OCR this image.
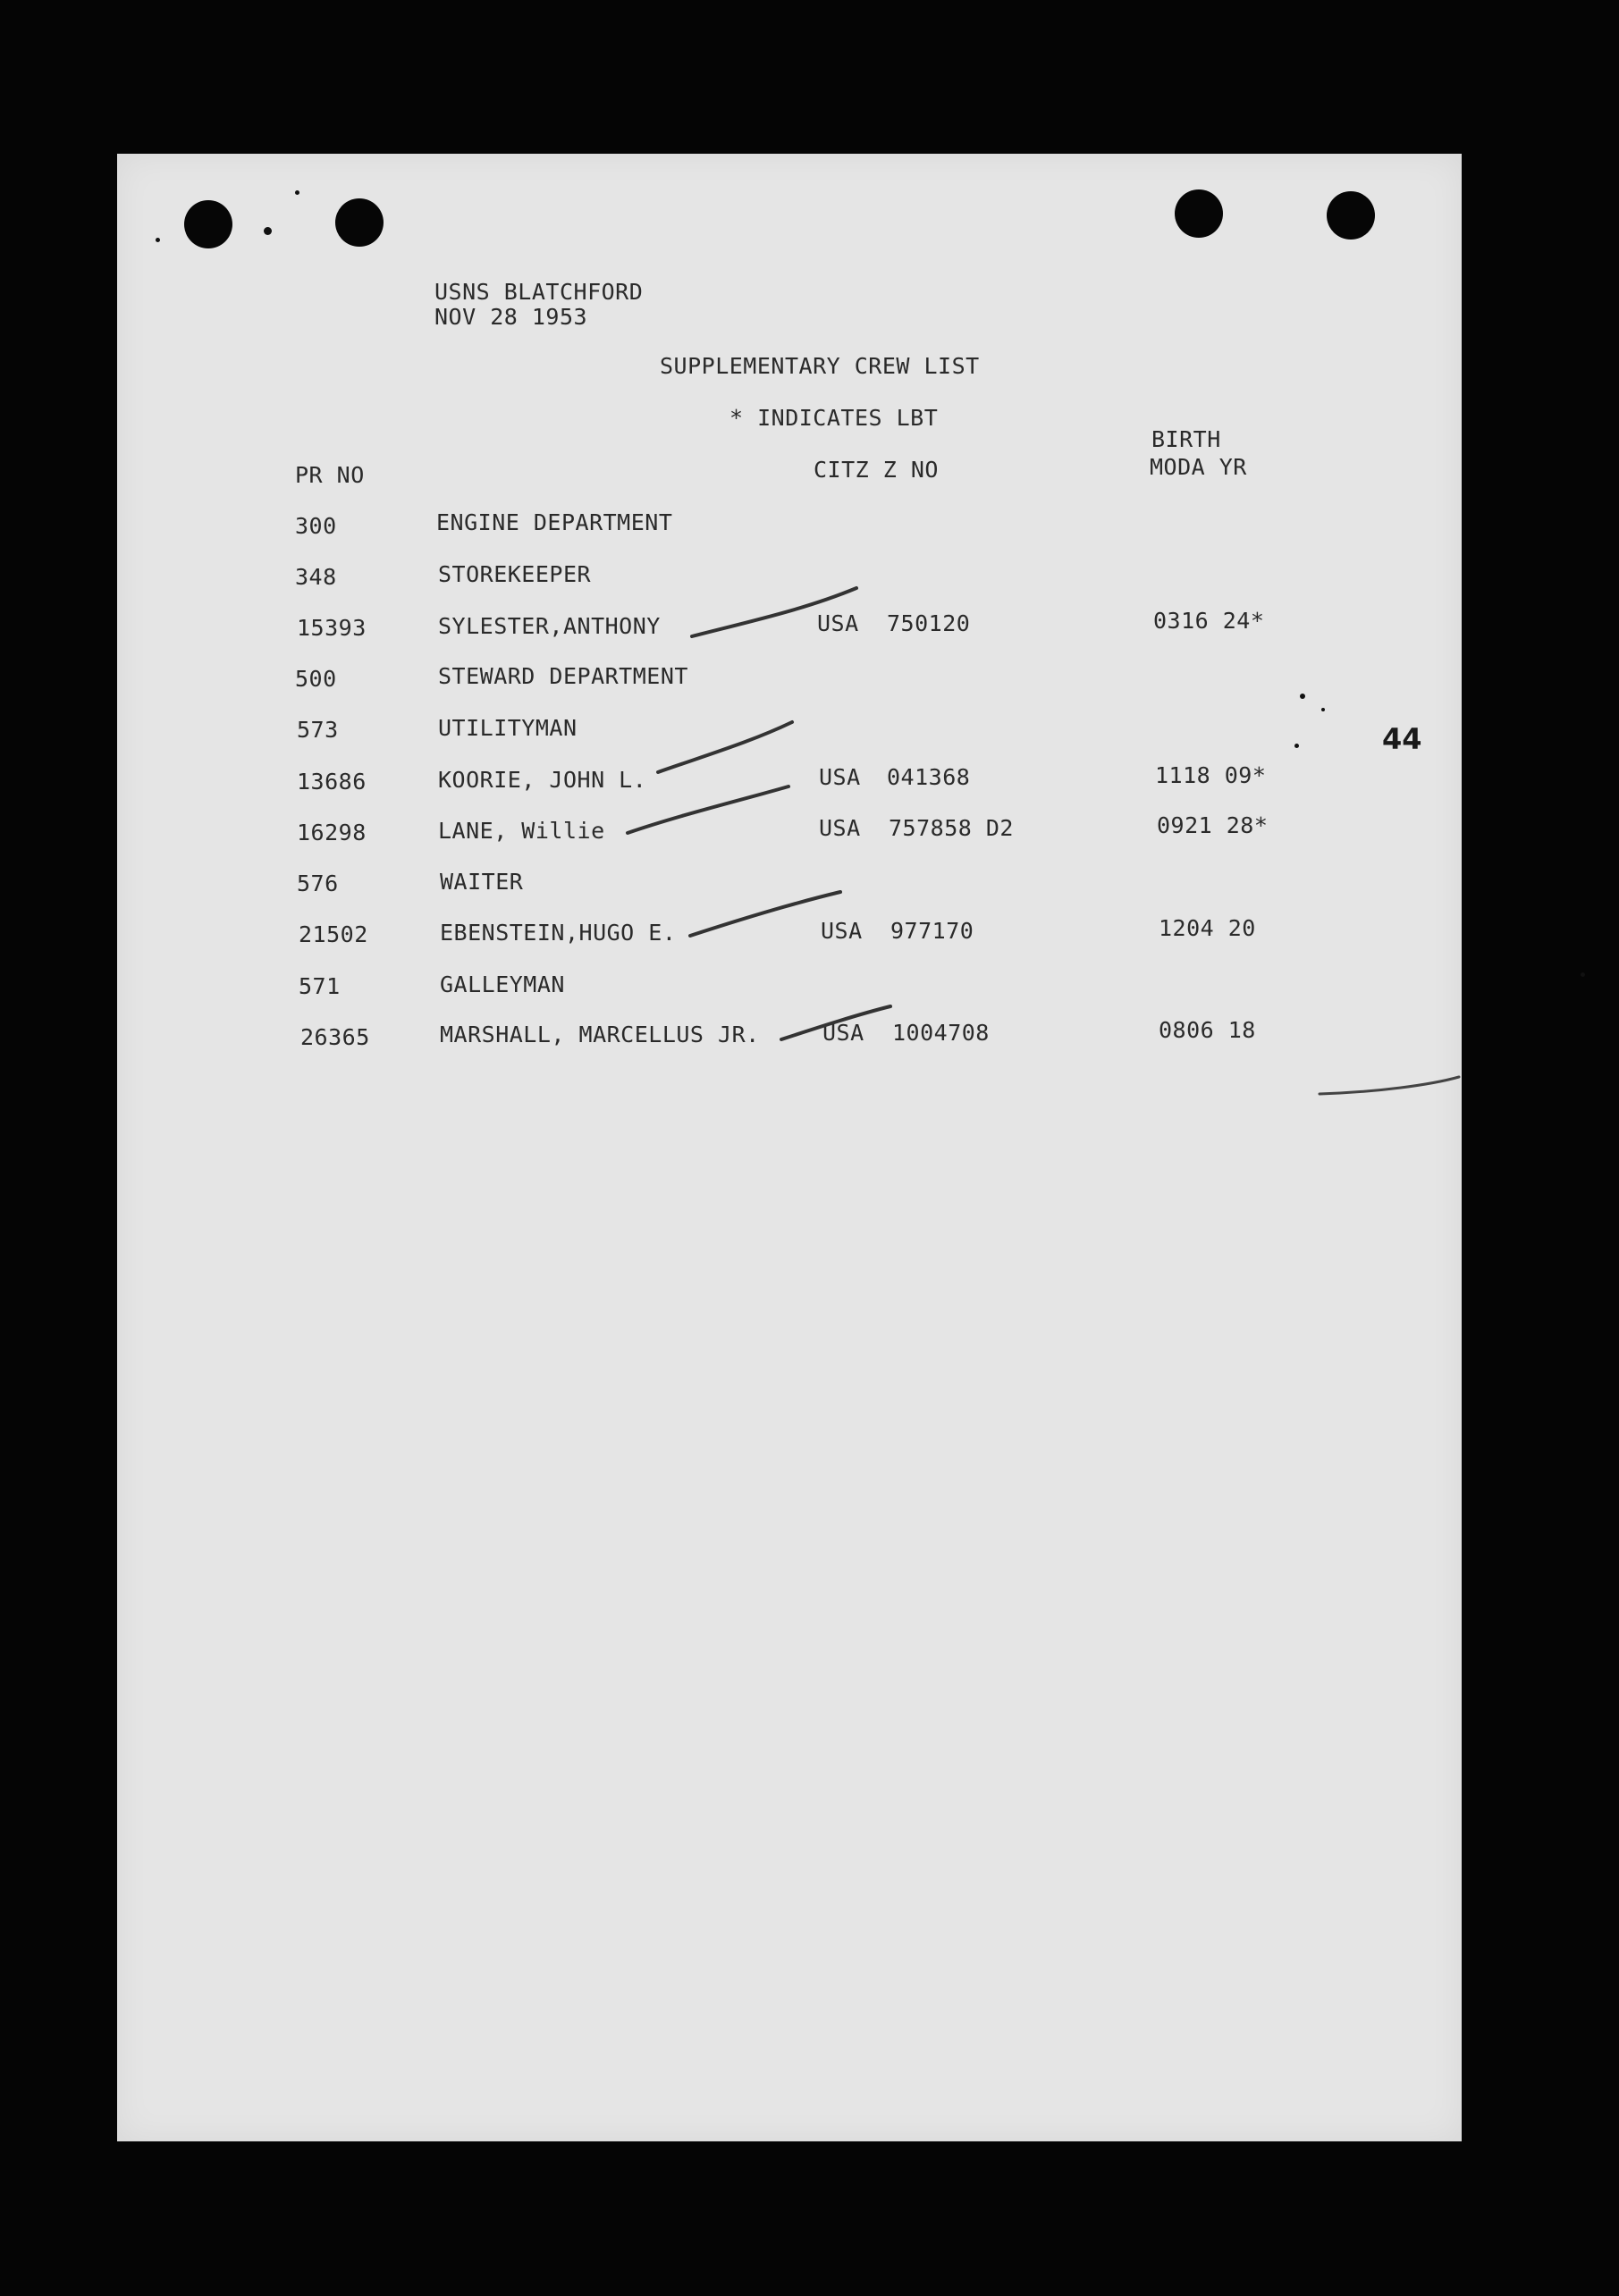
USNS BLATCHFORD
NOV 28 1953
SUPPLEMENTARY CREW LIST
* INDICATES LBT
PR NO	CITZ Z NO
BIRTH
MODA YR
300	ENGINE DEPARTMENT
348	STOREKEEPER
15393	SYLESTER,ANTHONY	USA 750120	0316 24*
500	STEWARD DEPARTMENT
573	UTILITYMAN
13686	KOORIE, JOHN L.	USA 041368	1118 09*
16298	LANE, Willie	USA 757858 D2	0921 28*
576	WAITER
21502	EBENSTEIN,HUGO E.	USA 977170	1204 20
571	GALLEYMAN
26365	MARSHALL, MARCELLUS JR.	USA 1004708	0806 18
44
